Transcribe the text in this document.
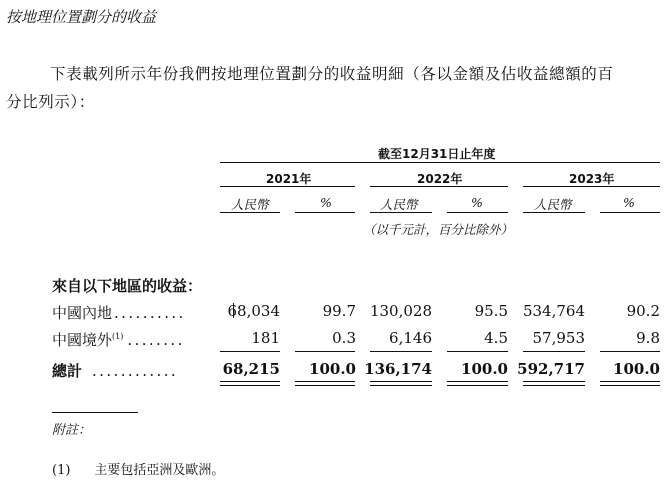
按地理位置劃分的收益
下表載列所示年份我們按地理位置劃分的收益明細（各以金額及佔收益總額的百
分比列示）：
截至12月31日止年度
2021年	2022年	2023年
人民幣	%	人民幣	%	人民幣	%
（以千元計，百分比除外）
來自以下地區的收益：
中國內地 ..........	68,034	99.7 130,028	95.5 534,764	90.2
中國境外$^{(1)}$ ........	181	0.3 6,146	4.5 57,953	9.8
總計 ............	68,215 100.0 136,174 100.0 592,717 100.0
附註：
(1) 主要包括亞洲及歐洲。
